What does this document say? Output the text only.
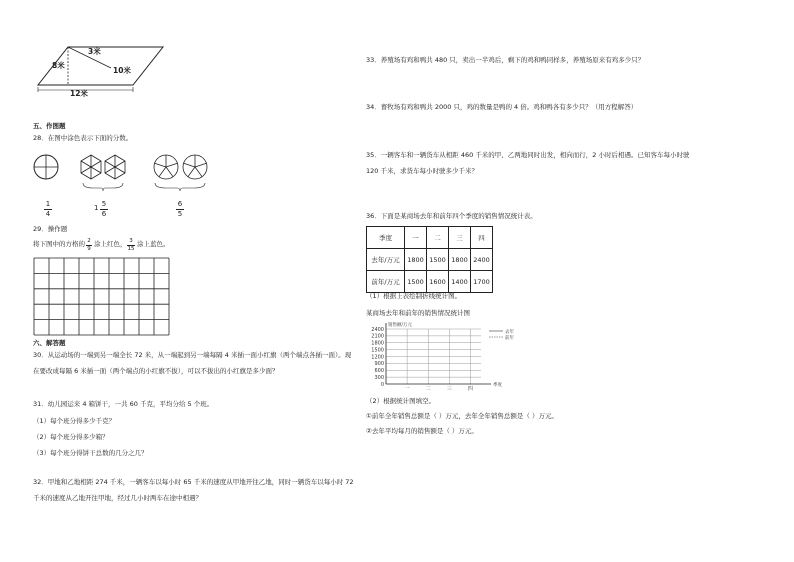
3米
8米
10米
12米
五、作图题
28．在图中涂色表示下面的分数。
$\frac{1}{4}$	$1 \frac{5}{6}$	$\frac{6}{5}$
29．操作题
将下图中的方格的 $\frac{2}{9}$ 涂上红色， $\frac{3}{15}$ 涂上蓝色。
六、解答题
30．从运动场的一端到另一端全长 72 米，从一端起到另一端每隔 4 米插一面小红旗（两个端点各插一面）。现
在要改成每隔 6 米插一面（两个端点的小红旗不拔），可以不拔出的小红旗是多少面？
31．幼儿园运来 4 箱饼干，一共 60 千克，平均分给 5 个班。
（1）每个班分得多少千克？
（2）每个班分得多少箱？
（3）每个班分得饼干总数的几分之几？
32．甲地和乙地相距 274 千米，一辆客车以每小时 65 千米的速度从甲地开往乙地，同时一辆货车以每小时 72
千米的速度从乙地开往甲地，经过几小时两车在途中相遇？
33．养殖场有鸡和鸭共 480 只，卖出一半鸡后，剩下的鸡和鸭同样多，养殖场原来有鸡多少只？
34．畜牧场有鸡和鸭共 2000 只，鸡的数量是鸭的 4 倍。鸡和鸭各有多少只？（用方程解答）
35．一辆客车和一辆货车从相距 460 千米的甲、乙两地同时出发，相向而行，2 小时后相遇。已知客车每小时驶
120 千米，求货车每小时驶多少千米？
36．下面是某商场去年和前年四个季度的销售情况统计表。
季度	一	二	三	四
去年/万元	1800	1500	1800	2400
前年/万元	1500	1600	1400	1700
（1）根据上表绘制折线统计图。
某商场去年和前年的销售情况统计图
0
300
600
900
1200
1500
1800
2100
2400
一	二	三	四
销售额/万元
季度
去年
前年
（2）根据统计图填空。
①前年全年销售总额是（ ）万元，去年全年销售总额是（ ）万元。
②去年平均每月的销售额是（ ）万元。
